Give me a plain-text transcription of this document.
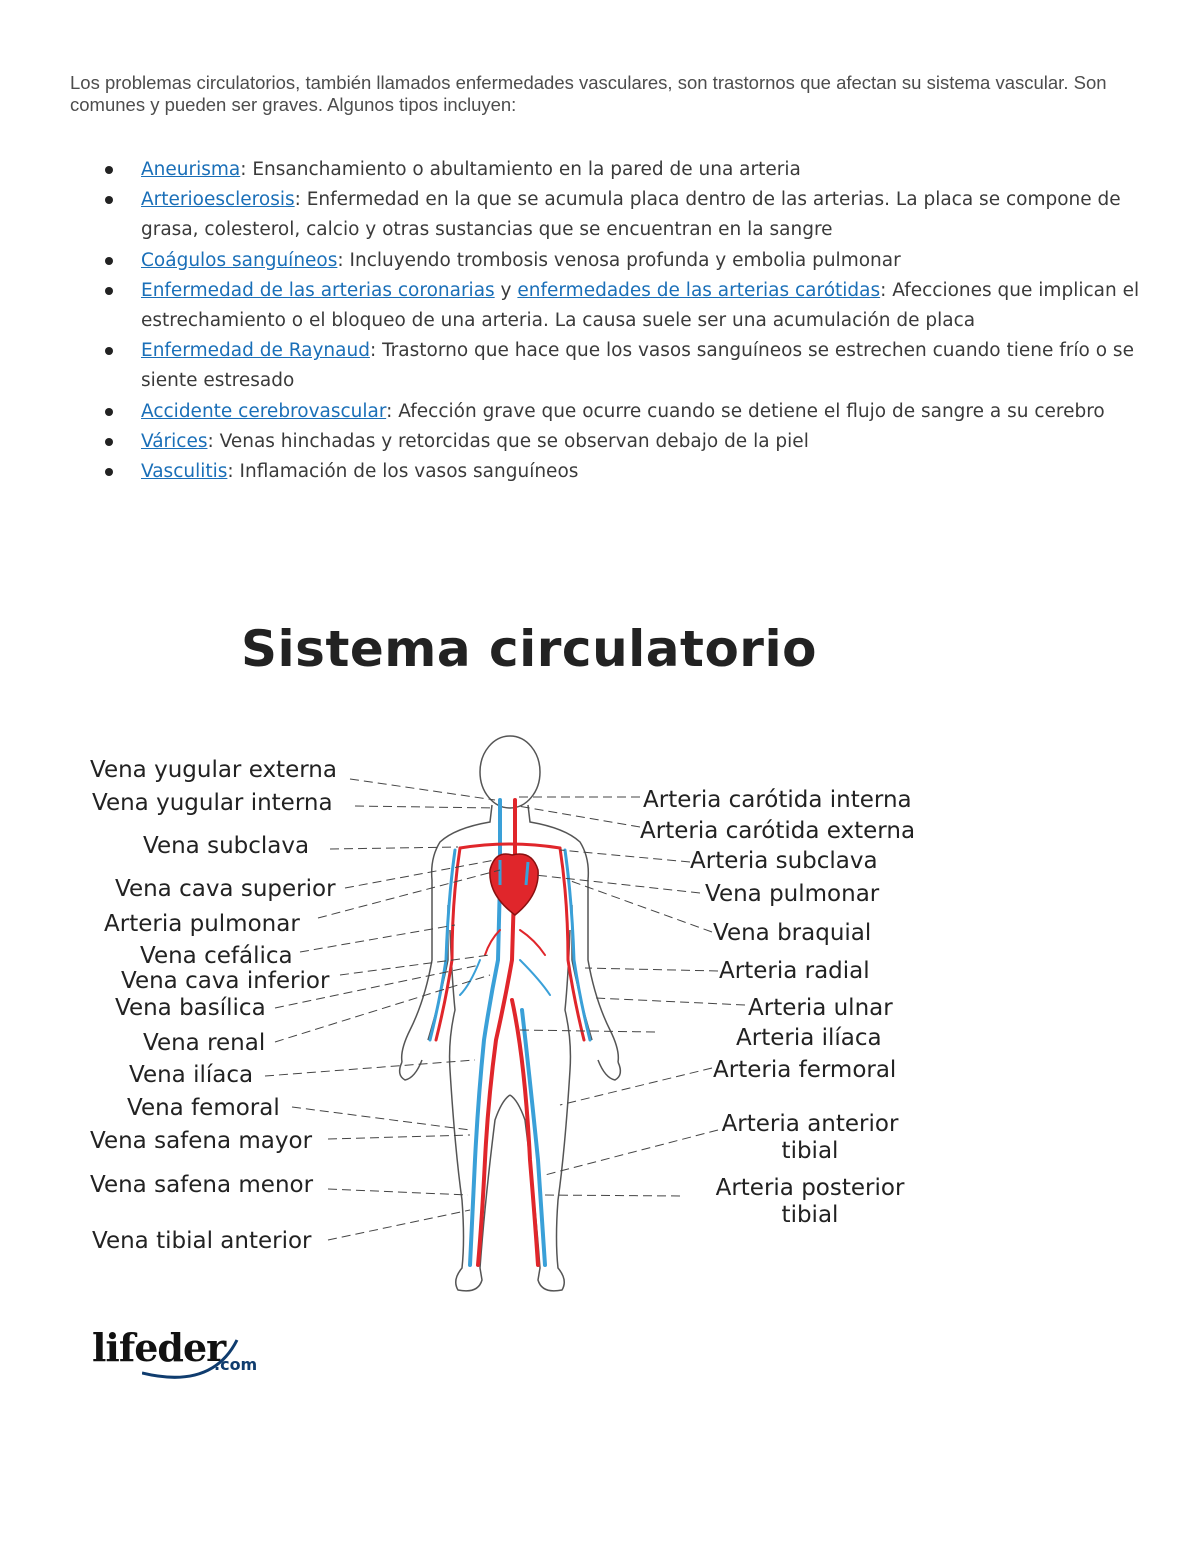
Los problemas circulatorios, también llamados enfermedades vasculares, son trastornos que afectan su sistema vascular. Son comunes y pueden ser graves. Algunos tipos incluyen:

Aneurisma: Ensanchamiento o abultamiento en la pared de una arteria
Arterioesclerosis: Enfermedad en la que se acumula placa dentro de las arterias. La placa se compone de grasa, colesterol, calcio y otras sustancias que se encuentran en la sangre
Coágulos sanguíneos: Incluyendo trombosis venosa profunda y embolia pulmonar
Enfermedad de las arterias coronarias y enfermedades de las arterias carótidas: Afecciones que implican el estrechamiento o el bloqueo de una arteria. La causa suele ser una acumulación de placa
Enfermedad de Raynaud: Trastorno que hace que los vasos sanguíneos se estrechen cuando tiene frío o se siente estresado
Accidente cerebrovascular: Afección grave que ocurre cuando se detiene el flujo de sangre a su cerebro
Várices: Venas hinchadas y retorcidas que se observan debajo de la piel
Vasculitis: Inflamación de los vasos sanguíneos
Sistema circulatorio
Vena yugular externa
Vena yugular interna
Vena subclava
Vena cava superior
Arteria pulmonar
Vena cefálica
Vena cava inferior
Vena basílica
Vena renal
Vena ilíaca
Vena femoral
Vena safena mayor
Vena safena menor
Vena tibial anterior
Arteria carótida interna
Arteria carótida externa
Arteria subclava
Vena pulmonar
Vena braquial
Arteria radial
Arteria ulnar
Arteria ilíaca
Arteria fermoral
Arteria anterior tibial
Arteria posterior tibial
lifeder
.com
